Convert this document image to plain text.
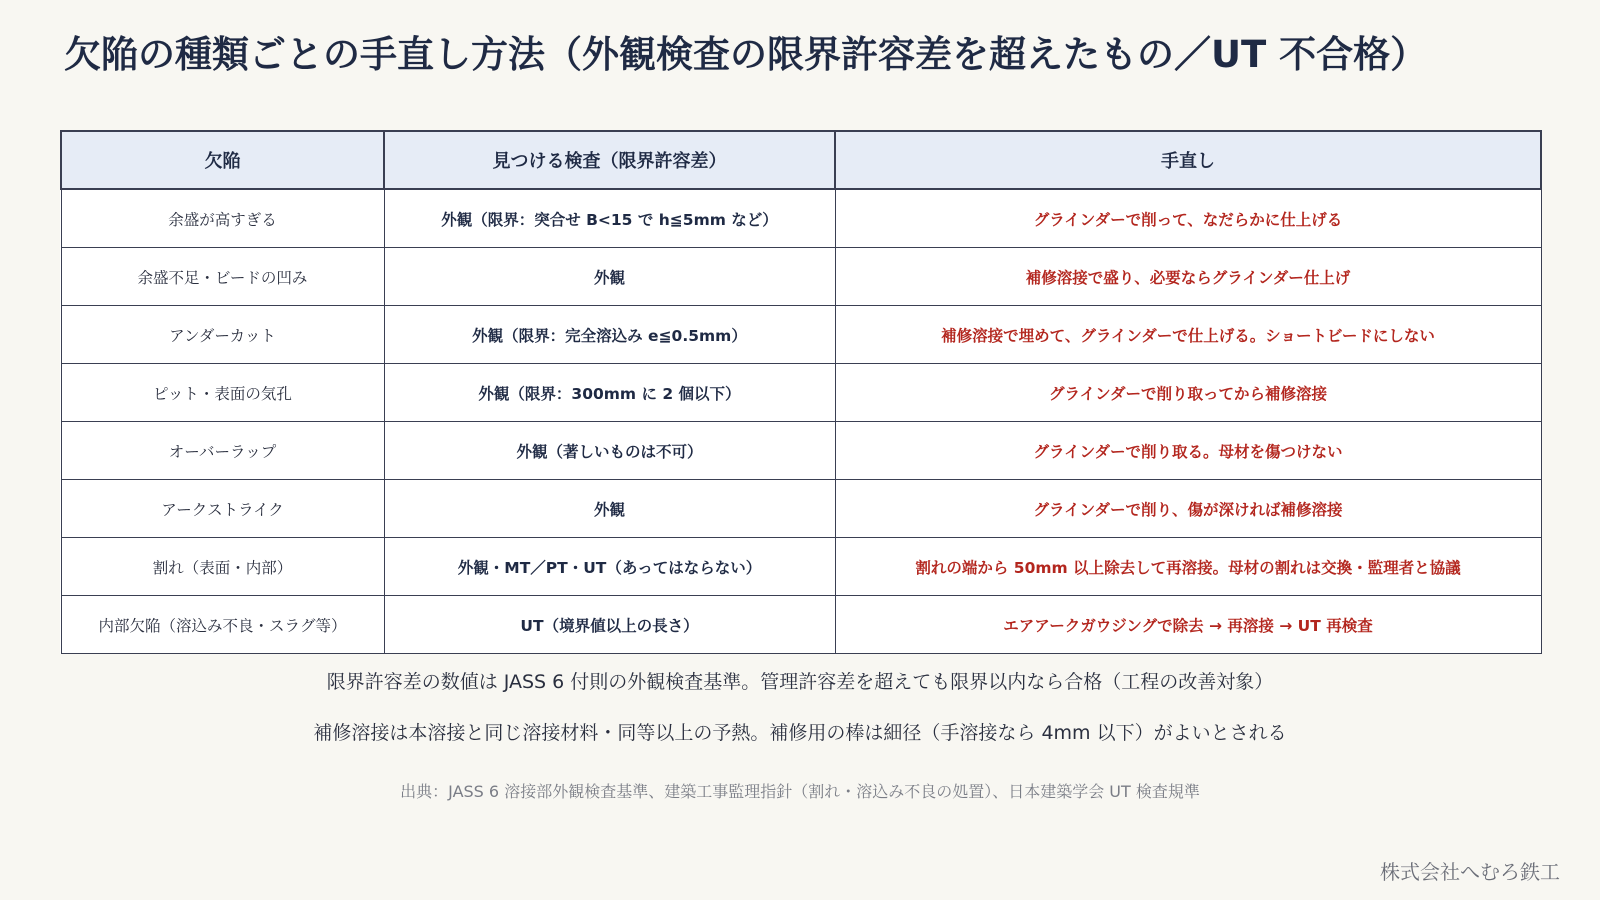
欠陥の種類ごとの手直し方法（外観検査の限界許容差を超えたもの／UT 不合格）
欠陥	見つける検査（限界許容差）	手直し
余盛が高すぎる	外観（限界：突合せ B<15 で h≦5mm など）	グラインダーで削って、なだらかに仕上げる
余盛不足・ビードの凹み	外観	補修溶接で盛り、必要ならグラインダー仕上げ
アンダーカット	外観（限界：完全溶込み e≦0.5mm）	補修溶接で埋めて、グラインダーで仕上げる。ショートビードにしない
ピット・表面の気孔	外観（限界：300mm に 2 個以下）	グラインダーで削り取ってから補修溶接
オーバーラップ	外観（著しいものは不可）	グラインダーで削り取る。母材を傷つけない
アークストライク	外観	グラインダーで削り、傷が深ければ補修溶接
割れ（表面・内部）	外観・MT／PT・UT（あってはならない）	割れの端から 50mm 以上除去して再溶接。母材の割れは交換・監理者と協議
内部欠陥（溶込み不良・スラグ等）	UT（境界値以上の長さ）	エアアークガウジングで除去 → 再溶接 → UT 再検査
限界許容差の数値は JASS 6 付則の外観検査基準。管理許容差を超えても限界以内なら合格（工程の改善対象）
補修溶接は本溶接と同じ溶接材料・同等以上の予熱。補修用の棒は細径（手溶接なら 4mm 以下）がよいとされる
出典：JASS 6 溶接部外観検査基準、建築工事監理指針（割れ・溶込み不良の処置）、日本建築学会 UT 検査規準
株式会社へむろ鉄工
